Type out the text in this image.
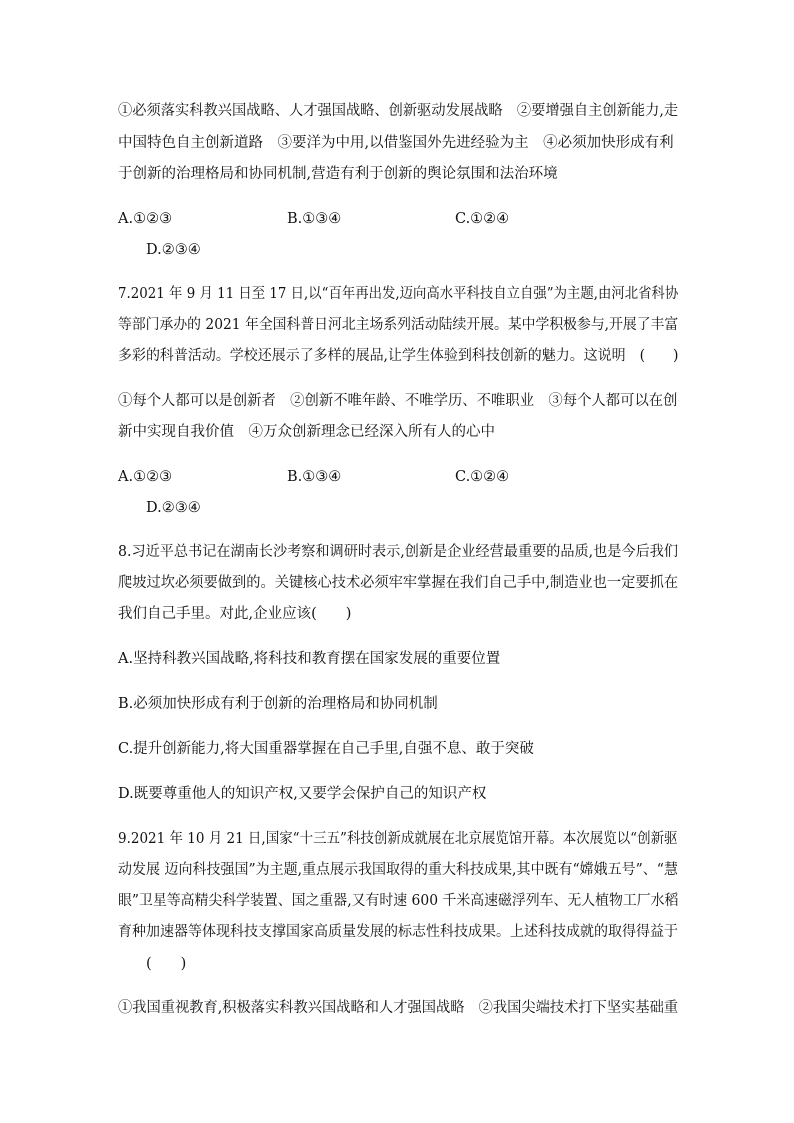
①必须落实科教兴国战略、人才强国战略、创新驱动发展战略　②要增强自主创新能力,走
中国特色自主创新道路　③要洋为中用,以借鉴国外先进经验为主　④必须加快形成有利
于创新的治理格局和协同机制,营造有利于创新的舆论氛围和法治环境
A.①②③	B.①③④	C.①②④
D.②③④
7.2021 年 9 月 11 日至 17 日,以“百年再出发,迈向高水平科技自立自强”为主题,由河北省科协
等部门承办的 2021 年全国科普日河北主场系列活动陆续开展。某中学积极参与,开展了丰富
多彩的科普活动。学校还展示了多样的展品,让学生体验到科技创新的魅力。这说明　(　　)
①每个人都可以是创新者　②创新不唯年龄、不唯学历、不唯职业　③每个人都可以在创
新中实现自我价值　④万众创新理念已经深入所有人的心中
A.①②③	B.①③④	C.①②④
D.②③④
8.习近平总书记在湖南长沙考察和调研时表示,创新是企业经营最重要的品质,也是今后我们
爬坡过坎必须要做到的。关键核心技术必须牢牢掌握在我们自己手中,制造业也一定要抓在
我们自己手里。对此,企业应该(　　)
A.坚持科教兴国战略,将科技和教育摆在国家发展的重要位置
B.必须加快形成有利于创新的治理格局和协同机制
C.提升创新能力,将大国重器掌握在自己手里,自强不息、敢于突破
D.既要尊重他人的知识产权,又要学会保护自己的知识产权
9.2021 年 10 月 21 日,国家“十三五”科技创新成就展在北京展览馆开幕。本次展览以“创新驱
动发展 迈向科技强国”为主题,重点展示我国取得的重大科技成果,其中既有“嫦娥五号”、“慧
眼”卫星等高精尖科学装置、国之重器,又有时速 600 千米高速磁浮列车、无人植物工厂水稻
育种加速器等体现科技支撑国家高质量发展的标志性科技成果。上述科技成就的取得得益于
(　　)
①我国重视教育,积极落实科教兴国战略和人才强国战略　②我国尖端技术打下坚实基础重
